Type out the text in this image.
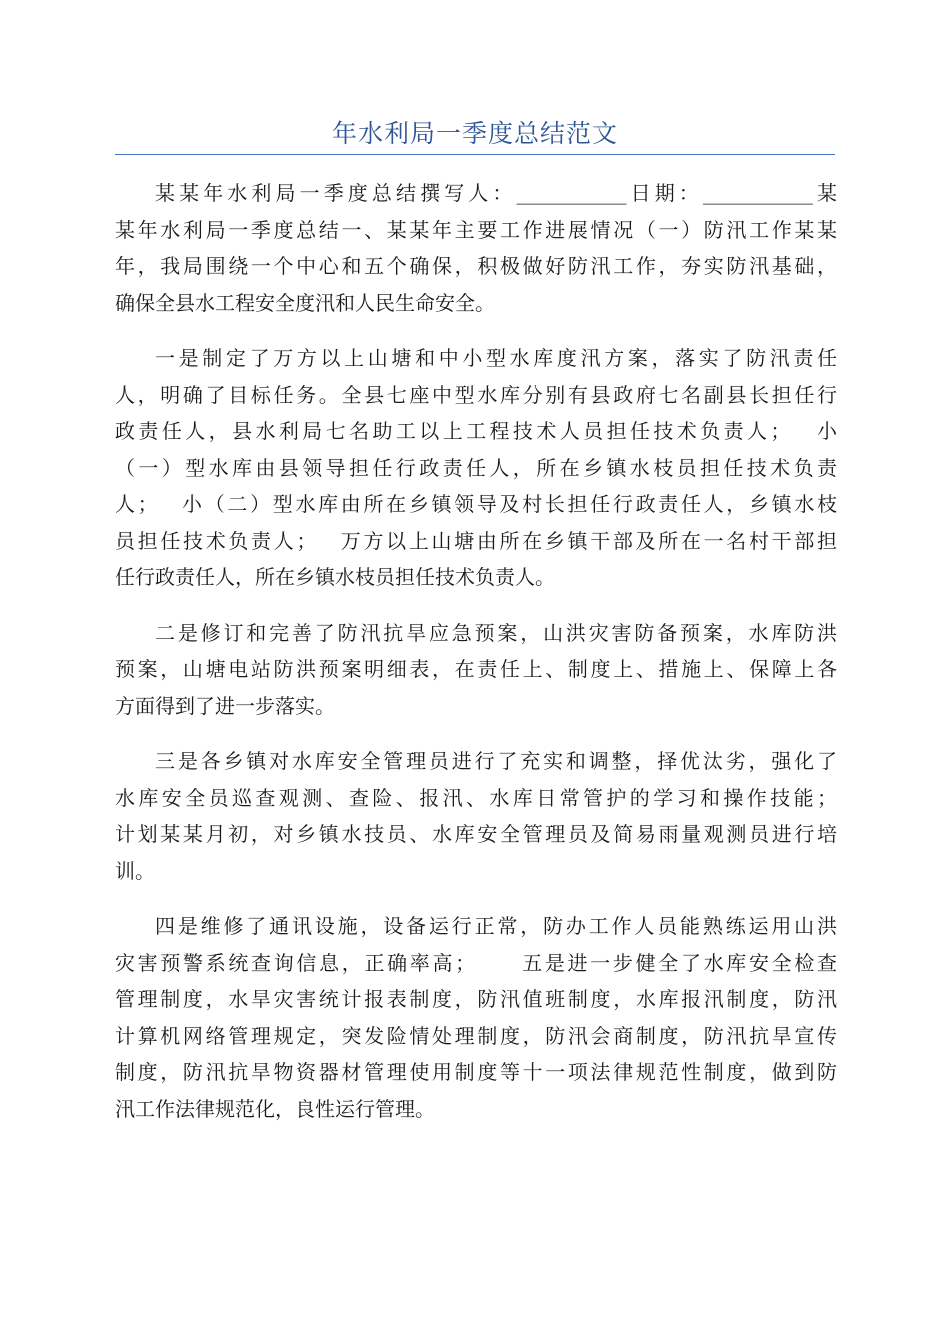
年水利局一季度总结范文
某某年水利局一季度总结撰写人：___________日期：___________某
某年水利局一季度总结一、某某年主要工作进展情况（一）防汛工作某某
年，我局围绕一个中心和五个确保，积极做好防汛工作，夯实防汛基础，
确保全县水工程安全度汛和人民生命安全。
一是制定了万方以上山塘和中小型水库度汛方案，落实了防汛责任
人，明确了目标任务。全县七座中型水库分别有县政府七名副县长担任行
政责任人，县水利局七名助工以上工程技术人员担任技术负责人；　 小
（一）型水库由县领导担任行政责任人，所在乡镇水枝员担任技术负责
人；　 小（二）型水库由所在乡镇领导及村长担任行政责任人，乡镇水枝
员担任技术负责人；　 万方以上山塘由所在乡镇干部及所在一名村干部担
任行政责任人，所在乡镇水枝员担任技术负责人。
二是修订和完善了防汛抗旱应急预案，山洪灾害防备预案，水库防洪
预案，山塘电站防洪预案明细表，在责任上、制度上、措施上、保障上各
方面得到了进一步落实。
三是各乡镇对水库安全管理员进行了充实和调整，择优汰劣，强化了
水库安全员巡查观测、查险、报汛、水库日常管护的学习和操作技能；
计划某某月初，对乡镇水技员、水库安全管理员及简易雨量观测员进行培
训。
四是维修了通讯设施，设备运行正常，防办工作人员能熟练运用山洪
灾害预警系统查询信息，正确率高；　　 五是进一步健全了水库安全检查
管理制度，水旱灾害统计报表制度，防汛值班制度，水库报汛制度，防汛
计算机网络管理规定，突发险情处理制度，防汛会商制度，防汛抗旱宣传
制度，防汛抗旱物资器材管理使用制度等十一项法律规范性制度，做到防
汛工作法律规范化，良性运行管理。
